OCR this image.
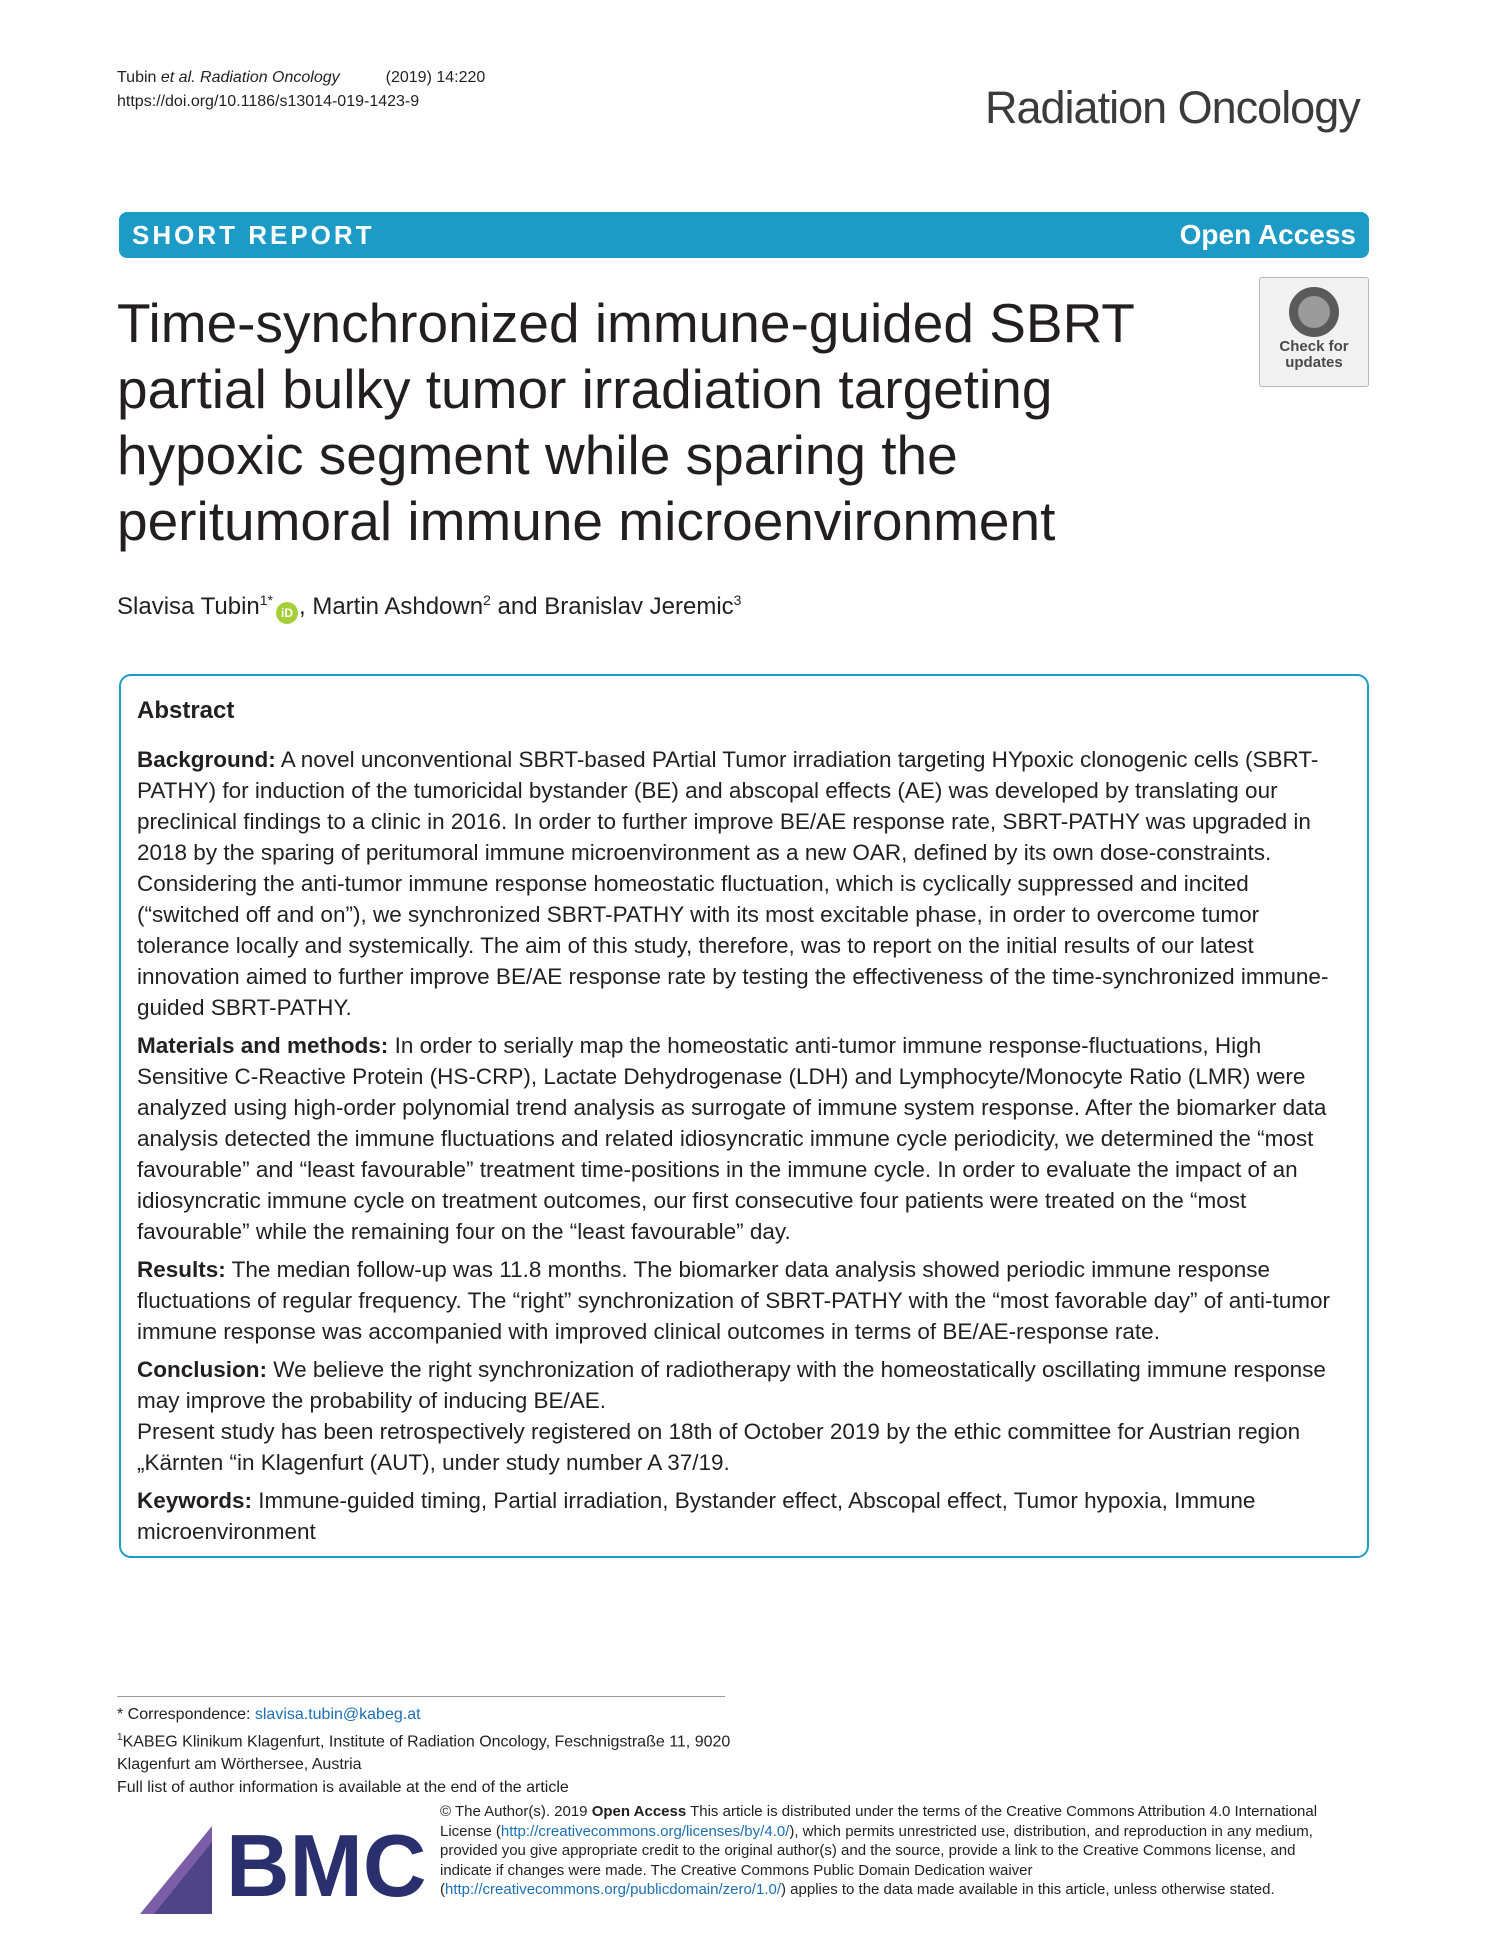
Tubin et al. Radiation Oncology	(2019) 14:220
https://doi.org/10.1186/s13014-019-1423-9	Radiation Oncology
SHORT REPORT	Open Access
Time-synchronized immune-guided SBRT partial bulky tumor irradiation targeting hypoxic segment while sparing the peritumoral immune microenvironment
Check for
updates
Slavisa Tubin$^{1*}$iD , Martin Ashdown$^2$ and Branislav Jeremic$^3$
Abstract

Background: A novel unconventional SBRT-based PArtial Tumor irradiation targeting HYpoxic clonogenic cells (SBRT-PATHY) for induction of the tumoricidal bystander (BE) and abscopal effects (AE) was developed by translating our preclinical findings to a clinic in 2016. In order to further improve BE/AE response rate, SBRT-PATHY was upgraded in 2018 by the sparing of peritumoral immune microenvironment as a new OAR, defined by its own dose-constraints. Considering the anti-tumor immune response homeostatic fluctuation, which is cyclically suppressed and incited (“switched off and on”), we synchronized SBRT-PATHY with its most excitable phase, in order to overcome tumor tolerance locally and systemically. The aim of this study, therefore, was to report on the initial results of our latest innovation aimed to further improve BE/AE response rate by testing the effectiveness of the time-synchronized immune-guided SBRT-PATHY.

Materials and methods: In order to serially map the homeostatic anti-tumor immune response-fluctuations, High Sensitive C-Reactive Protein (HS-CRP), Lactate Dehydrogenase (LDH) and Lymphocyte/Monocyte Ratio (LMR) were analyzed using high-order polynomial trend analysis as surrogate of immune system response. After the biomarker data analysis detected the immune fluctuations and related idiosyncratic immune cycle periodicity, we determined the “most favourable” and “least favourable” treatment time-positions in the immune cycle. In order to evaluate the impact of an idiosyncratic immune cycle on treatment outcomes, our first consecutive four patients were treated on the “most favourable” while the remaining four on the “least favourable” day.

Results: The median follow-up was 11.8 months. The biomarker data analysis showed periodic immune response fluctuations of regular frequency. The “right” synchronization of SBRT-PATHY with the “most favorable day” of anti-tumor immune response was accompanied with improved clinical outcomes in terms of BE/AE-response rate.

Conclusion: We believe the right synchronization of radiotherapy with the homeostatically oscillating immune response may improve the probability of inducing BE/AE.

Present study has been retrospectively registered on 18th of October 2019 by the ethic committee for Austrian region „Kärnten “in Klagenfurt (AUT), under study number A 37/19.

Keywords: Immune-guided timing, Partial irradiation, Bystander effect, Abscopal effect, Tumor hypoxia, Immune microenvironment

* Correspondence: slavisa.tubin@kabeg.at
$^1$KABEG Klinikum Klagenfurt, Institute of Radiation Oncology, Feschnigstraße 11, 9020 Klagenfurt am Wörthersee, Austria
Full list of author information is available at the end of the article
BMC
© The Author(s). 2019 Open Access This article is distributed under the terms of the Creative Commons Attribution 4.0 International License (http://creativecommons.org/licenses/by/4.0/), which permits unrestricted use, distribution, and reproduction in any medium, provided you give appropriate credit to the original author(s) and the source, provide a link to the Creative Commons license, and indicate if changes were made. The Creative Commons Public Domain Dedication waiver (http://creativecommons.org/publicdomain/zero/1.0/) applies to the data made available in this article, unless otherwise stated.
